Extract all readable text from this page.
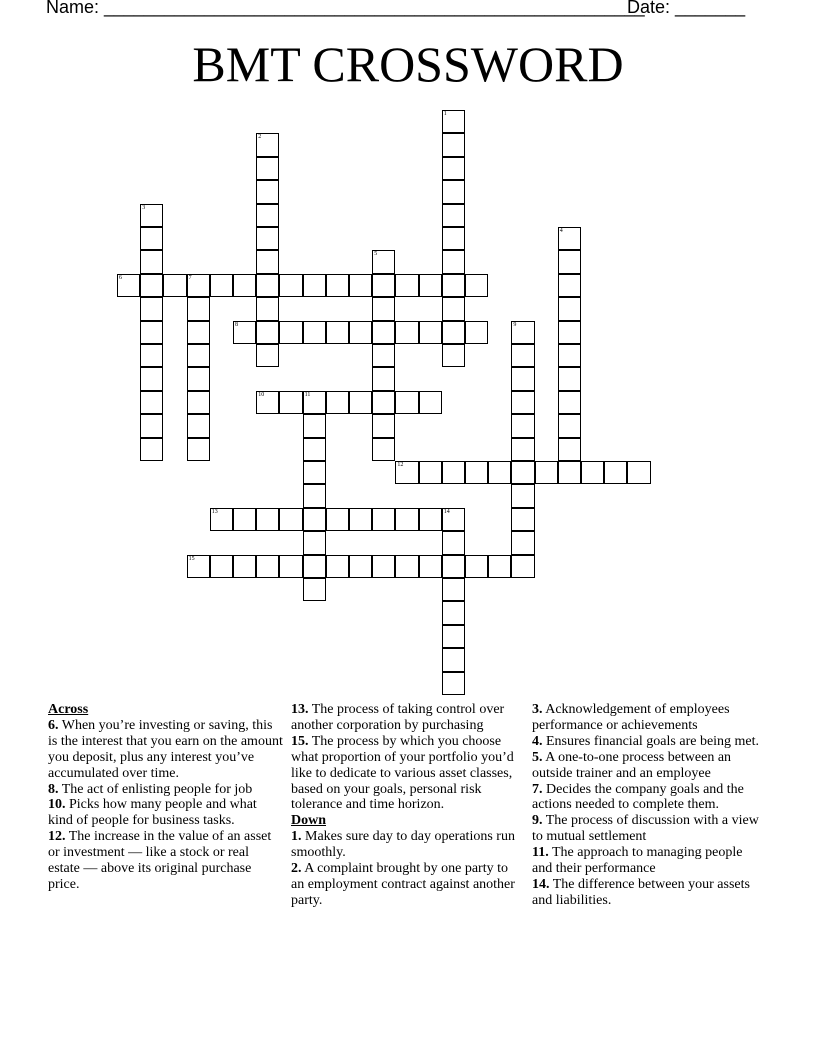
Name: ______________________________________________________
Date: _______
BMT CROSSWORD
1
2
3
4
5
6	7
8	9
10	11
12
13	14
15

Across

6. When you’re investing or saving, this is the interest that you earn on the amount you deposit, plus any interest you’ve accumulated over time.

8. The act of enlisting people for job

10. Picks how many people and what kind of people for business tasks.

12. The increase in the value of an asset or investment — like a stock or real estate — above its original purchase price.

13. The process of taking control over another corporation by purchasing

15. The process by which you choose what proportion of your portfolio you’d like to dedicate to various asset classes, based on your goals, personal risk tolerance and time horizon.

Down

1. Makes sure day to day operations run smoothly.

2. A complaint brought by one party to an employment contract against another party.

3. Acknowledgement of employees performance or achievements

4. Ensures financial goals are being met.

5. A one-to-one process between an outside trainer and an employee

7. Decides the company goals and the actions needed to complete them.

9. The process of discussion with a view to mutual settlement

11. The approach to managing people and their performance

14. The difference between your assets and liabilities.
